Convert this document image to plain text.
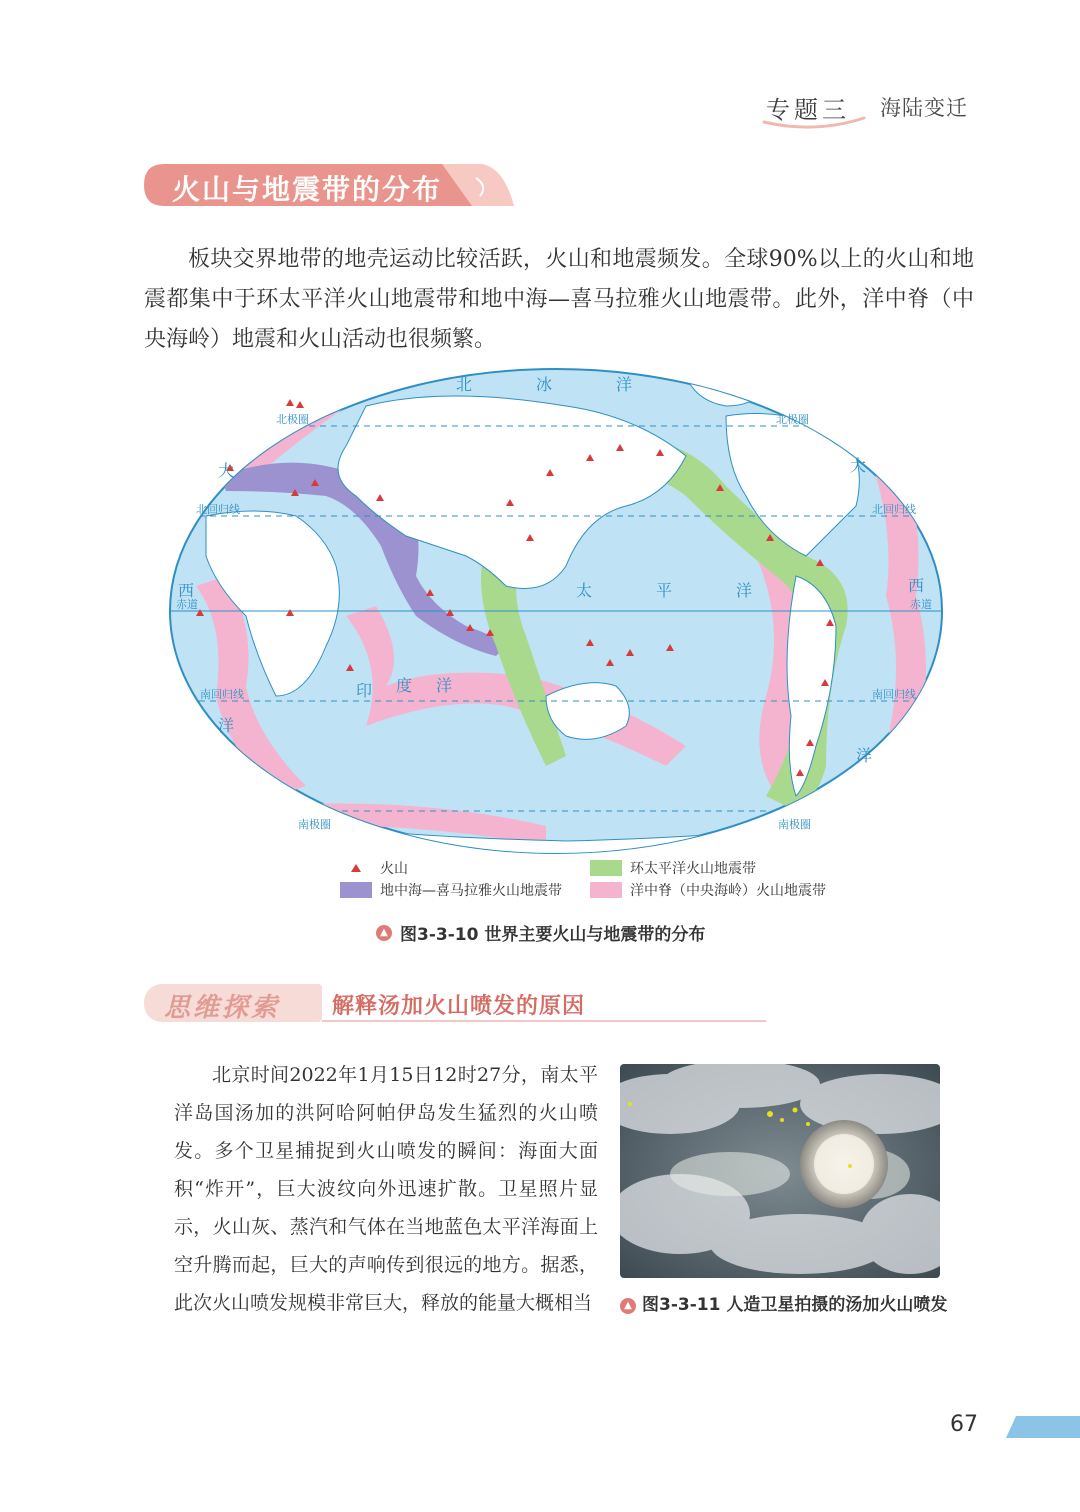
专题三 海陆变迁
火山与地震带的分布

板块交界地带的地壳运动比较活跃，火山和地震频发。全球90%以上的火山和地震都集中于环太平洋火山地震带和地中海—喜马拉雅火山地震带。此外，洋中脊（中央海岭）地震和火山活动也很频繁。

北	冰	洋
太	平	洋
印 度 洋
大
西
洋
大
西
洋
北极圈	北极圈
北回归线	北回归线
赤道	赤道
南回归线	南回归线
南极圈	南极圈
火山
地中海—喜马拉雅火山地震带
环太平洋火山地震带
洋中脊（中央海岭）火山地震带
▲ 图3-3-10 世界主要火山与地震带的分布
思维探索 解释汤加火山喷发的原因

北京时间2022年1月15日12时27分，南太平洋岛国汤加的洪阿哈阿帕伊岛发生猛烈的火山喷发。多个卫星捕捉到火山喷发的瞬间：海面大面积“炸开”，巨大波纹向外迅速扩散。卫星照片显示，火山灰、蒸汽和气体在当地蓝色太平洋海面上空升腾而起，巨大的声响传到很远的地方。据悉，此次火山喷发规模非常巨大，释放的能量大概相当	▲ 图3-3-11 人造卫星拍摄的汤加火山喷发
67
